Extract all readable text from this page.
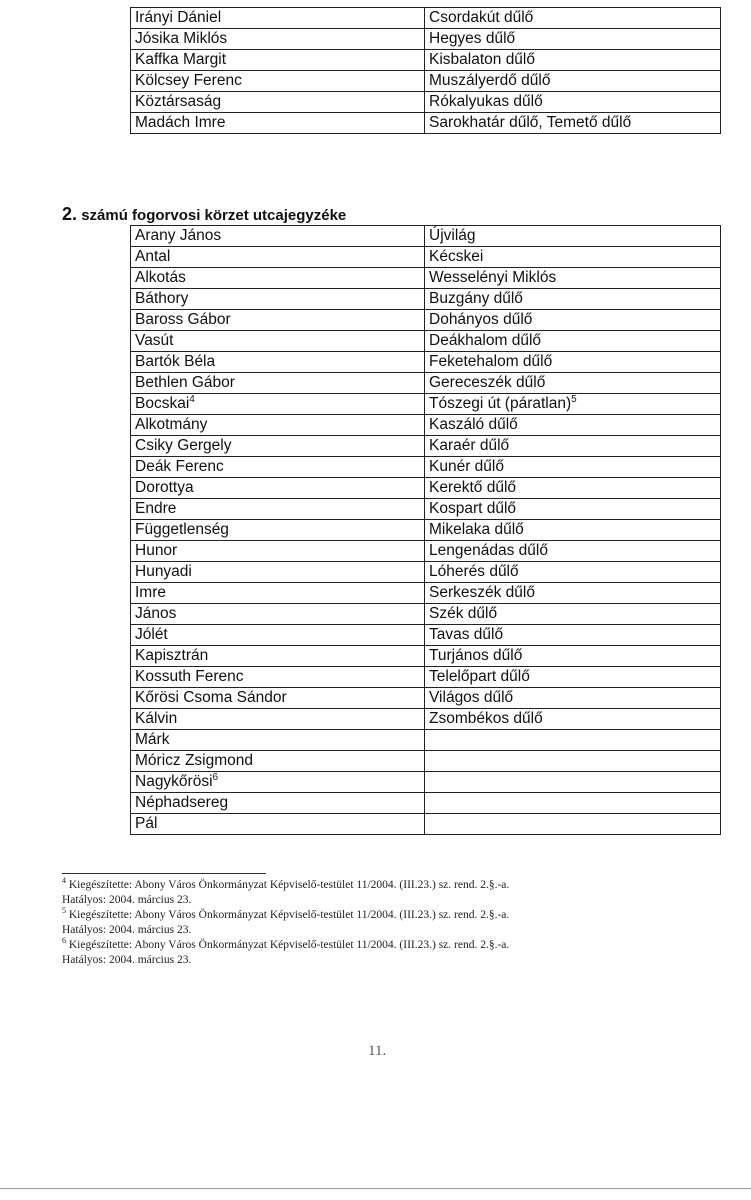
Irányi Dániel	Csordakút dűlő
Jósika Miklós	Hegyes dűlő
Kaffka Margit	Kisbalaton dűlő
Kölcsey Ferenc	Muszályerdő dűlő
Köztársaság	Rókalyukas dűlő
Madách Imre	Sarokhatár dűlő, Temető dűlő
2. számú fogorvosi körzet utcajegyzéke
Arany János	Újvilág
Antal	Kécskei
Alkotás	Wesselényi Miklós
Báthory	Buzgány dűlő
Baross Gábor	Dohányos dűlő
Vasút	Deákhalom dűlő
Bartók Béla	Feketehalom dűlő
Bethlen Gábor	Gereceszék dűlő
Bocskai$^4$	Tószegi út (páratlan)$^5$
Alkotmány	Kaszáló dűlő
Csiky Gergely	Karaér dűlő
Deák Ferenc	Kunér dűlő
Dorottya	Kerektő dűlő
Endre	Kospart dűlő
Függetlenség	Mikelaka dűlő
Hunor	Lengenádas dűlő
Hunyadi	Lóherés dűlő
Imre	Serkeszék dűlő
János	Szék dűlő
Jólét	Tavas dűlő
Kapisztrán	Turjános dűlő
Kossuth Ferenc	Telelőpart dűlő
Kőrösi Csoma Sándor	Világos dűlő
Kálvin	Zsombékos dűlő
Márk	
Móricz Zsigmond	
Nagykőrösi$^6$	
Néphadsereg	
Pál	

$^4$ Kiegészítette: Abony Város Önkormányzat Képviselő-testület 11/2004. (III.23.) sz. rend. 2.§.-a.
Hatályos: 2004. március 23.

$^5$ Kiegészítette: Abony Város Önkormányzat Képviselő-testület 11/2004. (III.23.) sz. rend. 2.§.-a.
Hatályos: 2004. március 23.

$^6$ Kiegészítette: Abony Város Önkormányzat Képviselő-testület 11/2004. (III.23.) sz. rend. 2.§.-a.
Hatályos: 2004. március 23.

11.
